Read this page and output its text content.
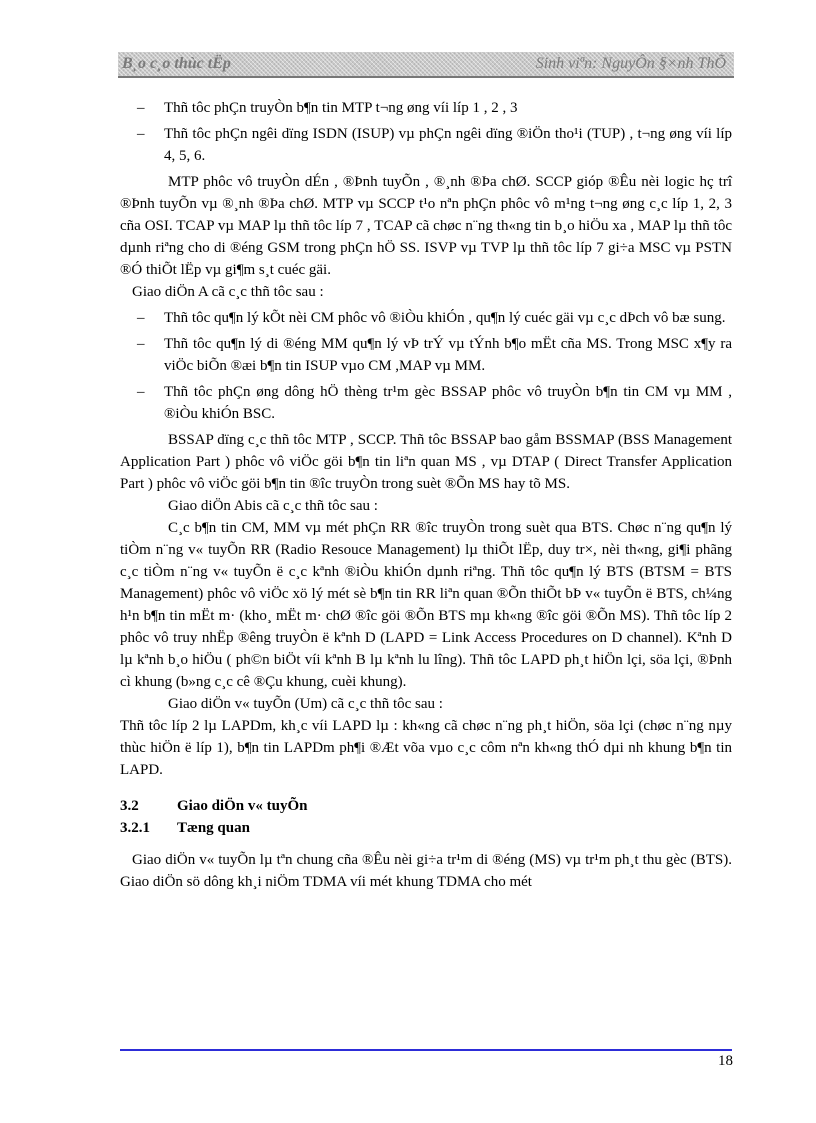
B¸o c¸o thùc tËp	Sinh viªn: NguyÔn §×nh ThÕ

– Thñ tôc phÇn truyÒn b¶n tin MTP t¬ng øng víi líp 1 , 2 , 3

– Thñ tôc phÇn ngêi dïng ISDN (ISUP) vµ phÇn ngêi dïng ®iÖn tho¹i (TUP) , t¬ng øng víi líp 4, 5, 6.

MTP phôc vô truyÒn dÉn , ®Þnh tuyÕn , ®¸nh ®Þa chØ. SCCP gióp ®Êu nèi logic hç trî ®Þnh tuyÕn vµ ®¸nh ®Þa chØ. MTP vµ SCCP t¹o nªn phÇn phôc vô m¹ng t¬ng øng c¸c líp 1, 2, 3 cña OSI. TCAP vµ MAP lµ thñ tôc líp 7 , TCAP cã chøc n¨ng th«ng tin b¸o hiÖu xa , MAP lµ thñ tôc dµnh riªng cho di ®éng GSM trong phÇn hÖ SS. ISVP vµ TVP lµ thñ tôc líp 7 gi÷a MSC vµ PSTN ®Ó thiÕt lËp vµ gi¶m s¸t cuéc gäi.

Giao diÖn A cã c¸c thñ tôc sau :

– Thñ tôc qu¶n lý kÕt nèi CM phôc vô ®iÒu khiÓn , qu¶n lý cuéc gäi vµ c¸c dÞch vô bæ sung.

– Thñ tôc qu¶n lý di ®éng MM qu¶n lý vÞ trÝ vµ tÝnh b¶o mËt cña MS. Trong MSC x¶y ra viÖc biÕn ®æi b¶n tin ISUP vµo CM ,MAP vµ MM.

– Thñ tôc phÇn øng dông hÖ thèng tr¹m gèc BSSAP phôc vô truyÒn b¶n tin CM vµ MM , ®iÒu khiÓn BSC.

BSSAP dïng c¸c thñ tôc MTP , SCCP. Thñ tôc BSSAP bao gåm BSSMAP (BSS Management Application Part ) phôc vô viÖc göi b¶n tin liªn quan MS , vµ DTAP ( Direct Transfer Application Part ) phôc vô viÖc göi b¶n tin ®îc truyÒn trong suèt ®Õn MS hay tõ MS.

Giao diÖn Abis cã c¸c thñ tôc sau :

C¸c b¶n tin CM, MM vµ mét phÇn RR ®îc truyÒn trong suèt qua BTS. Chøc n¨ng qu¶n lý tiÒm n¨ng v« tuyÕn RR (Radio Resouce Management) lµ thiÕt lËp, duy tr×, nèi th«ng, gi¶i phãng c¸c tiÒm n¨ng v« tuyÕn ë c¸c kªnh ®iÒu khiÓn dµnh riªng. Thñ tôc qu¶n lý BTS (BTSM = BTS Management) phôc vô viÖc xö lý mét sè b¶n tin RR liªn quan ®Õn thiÕt bÞ v« tuyÕn ë BTS, ch¼ng h¹n b¶n tin mËt m· (kho¸ mËt m· chØ ®îc göi ®Õn BTS mµ kh«ng ®îc göi ®Õn MS). Thñ tôc líp 2 phôc vô truy nhËp ®êng truyÒn ë kªnh D (LAPD = Link Access Procedures on D channel). Kªnh D lµ kªnh b¸o hiÖu ( ph©n biÖt víi kªnh B lµ kªnh lu lîng). Thñ tôc LAPD ph¸t hiÖn lçi, söa lçi, ®Þnh cì khung (b»ng c¸c cê ®Çu khung, cuèi khung).

Giao diÖn v« tuyÕn (Um) cã c¸c thñ tôc sau :

Thñ tôc líp 2 lµ LAPDm, kh¸c víi LAPD lµ : kh«ng cã chøc n¨ng ph¸t hiÖn, söa lçi (chøc n¨ng nµy thùc hiÖn ë líp 1), b¶n tin LAPDm ph¶i ®Æt võa vµo c¸c côm nªn kh«ng thÓ dµi nh khung b¶n tin LAPD.

3.2	Giao diÖn v« tuyÕn

3.2.1 Tæng quan

Giao diÖn v« tuyÕn lµ tªn chung cña ®Êu nèi gi÷a tr¹m di ®éng (MS) vµ tr¹m ph¸t thu gèc (BTS). Giao diÖn sö dông kh¸i niÖm TDMA víi mét khung TDMA cho mét

18
